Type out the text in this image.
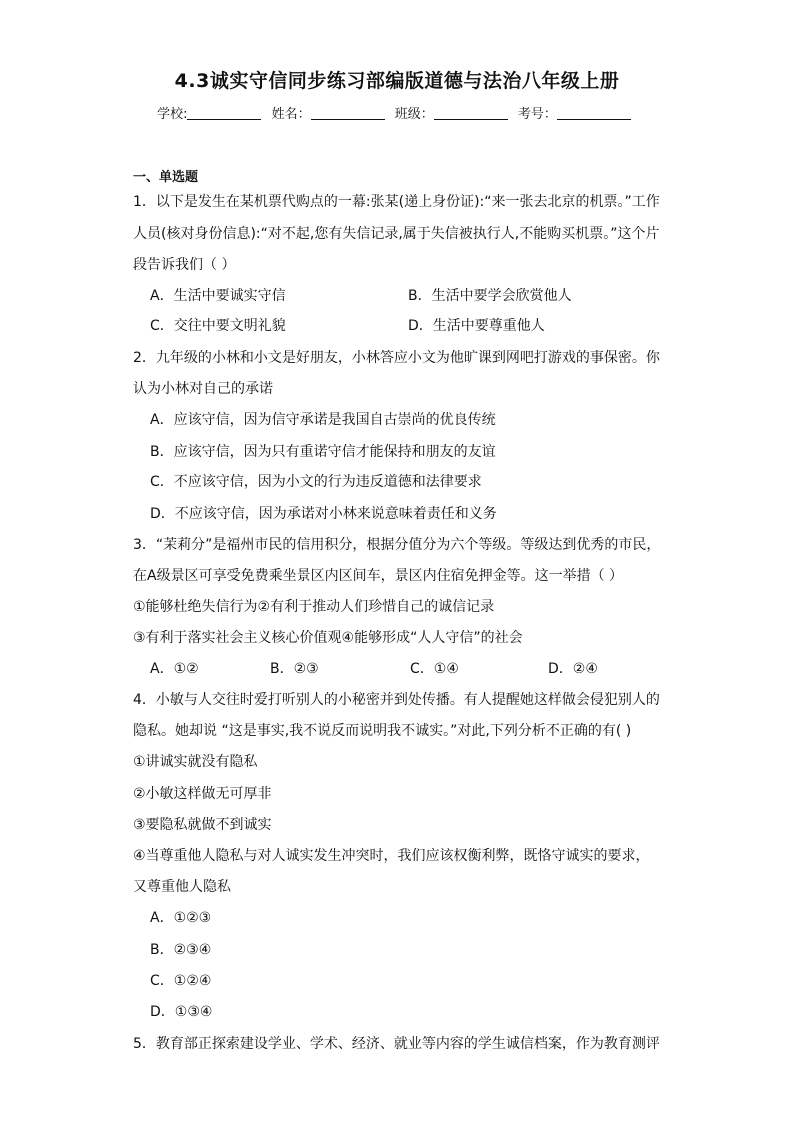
4.3诚实守信同步练习部编版道德与法治八年级上册
学校:	姓名：	班级：	考号：
一、单选题
1．以下是发生在某机票代购点的一幕:张某(递上身份证):“来一张去北京的机票。”工作
人员(核对身份信息):“对不起,您有失信记录,属于失信被执行人,不能购买机票。”这个片
段告诉我们（ ）
A．生活中要诚实守信	B．生活中要学会欣赏他人
C．交往中要文明礼貌	D．生活中要尊重他人
2．九年级的小林和小文是好朋友，小林答应小文为他旷课到网吧打游戏的事保密。你
认为小林对自己的承诺
A．应该守信，因为信守承诺是我国自古崇尚的优良传统
B．应该守信，因为只有重诺守信才能保持和朋友的友谊
C．不应该守信，因为小文的行为违反道德和法律要求
D．不应该守信，因为承诺对小林来说意味着责任和义务
3．“茉莉分”是福州市民的信用积分，根据分值分为六个等级。等级达到优秀的市民，
在A级景区可享受免费乘坐景区内区间车，景区内住宿免押金等。这一举措（ ）
①能够杜绝失信行为②有利于推动人们珍惜自己的诚信记录
③有利于落实社会主义核心价值观④能够形成“人人守信”的社会
A．①②	B．②③	C．①④	D．②④
4．小敏与人交往时爱打听别人的小秘密并到处传播。有人提醒她这样做会侵犯别人的
隐私。她却说 “这是事实,我不说反而说明我不诚实。”对此,下列分析不正确的有( )
①讲诚实就没有隐私
②小敏这样做无可厚非
③要隐私就做不到诚实
④当尊重他人隐私与对人诚实发生冲突时，我们应该权衡利弊，既恪守诚实的要求，
又尊重他人隐私
A．①②③
B．②③④
C．①②④
D．①③④
5．教育部正探索建设学业、学术、经济、就业等内容的学生诚信档案，作为教育测评
